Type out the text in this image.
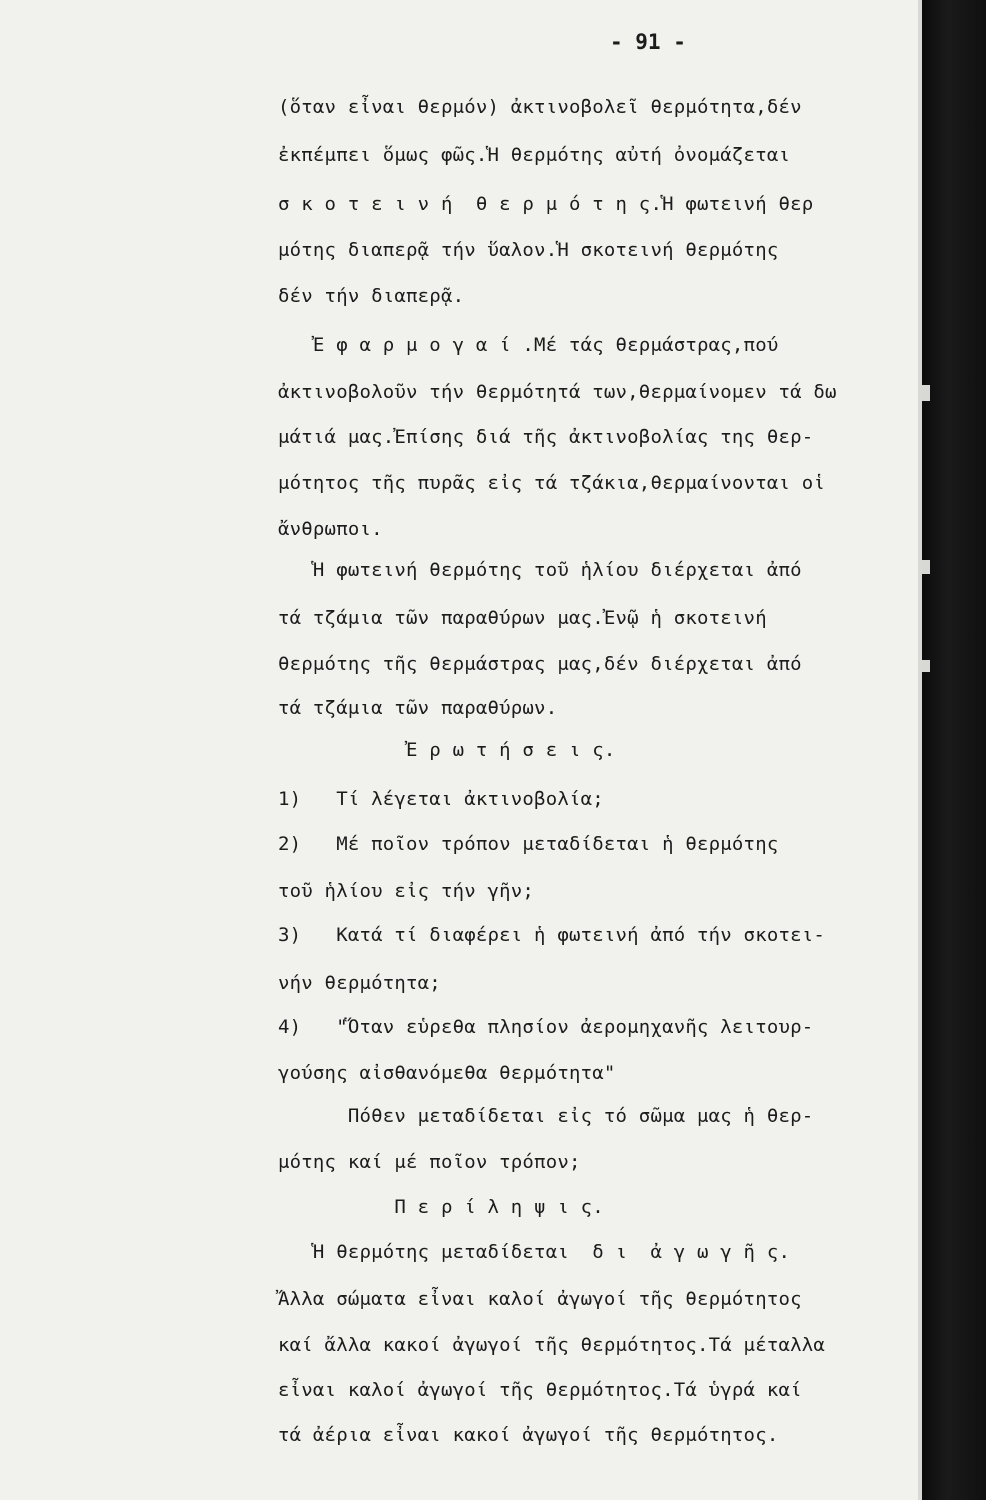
- 91 -
(ὅταν εἶναι θερμόν) ἀκτινοβολεῖ θερμότητα,δέν
ἐκπέμπει ὅμως φῶς.Ἡ θερμότης αὐτή ὀνομάζεται
σ κ ο τ ε ι ν ή  θ ε ρ μ ό τ η ς.Ἡ φωτεινή θερ
μότης διαπερᾷ τήν ὕαλον.Ἡ σκοτεινή θερμότης
δέν τήν διαπερᾷ.
Ἐ φ α ρ μ ο γ α ί .Μέ τάς θερμάστρας,πού
ἀκτινοβολοῦν τήν θερμότητά των,θερμαίνομεν τά δω
μάτιά μας.Ἐπίσης διά τῆς ἀκτινοβολίας της θερ-
μότητος τῆς πυρᾶς εἰς τά τζάκια,θερμαίνονται οἱ
ἄνθρωποι.
Ἡ φωτεινή θερμότης τοῦ ἡλίου διέρχεται ἀπό
τά τζάμια τῶν παραθύρων μας.Ἐνῷ ἡ σκοτεινή
θερμότης τῆς θερμάστρας μας,δέν διέρχεται ἀπό
τά τζάμια τῶν παραθύρων.
Ἐ ρ ω τ ή σ ε ι ς.
1)   Τί λέγεται ἀκτινοβολία;
2)   Μέ ποῖον τρόπον μεταδίδεται ἡ θερμότης
τοῦ ἡλίου εἰς τήν γῆν;
3)   Κατά τί διαφέρει ἡ φωτεινή ἀπό τήν σκοτει-
νήν θερμότητα;
4)   "Ὅταν εὑρεθα πλησίον ἀερομηχανῆς λειτουρ-
γούσης αἰσθανόμεθα θερμότητα"
Πόθεν μεταδίδεται εἰς τό σῶμα μας ἡ θερ-
μότης καί μέ ποῖον τρόπον;
Π ε ρ ί λ η ψ ι ς.
Ἡ θερμότης μεταδίδεται  δ ι  ἀ γ ω γ ῆ ς.
Ἄλλα σώματα εἶναι καλοί ἀγωγοί τῆς θερμότητος
καί ἄλλα κακοί ἀγωγοί τῆς θερμότητος.Τά μέταλλα
εἶναι καλοί ἀγωγοί τῆς θερμότητος.Τά ὑγρά καί
τά ἀέρια εἶναι κακοί ἀγωγοί τῆς θερμότητος.
